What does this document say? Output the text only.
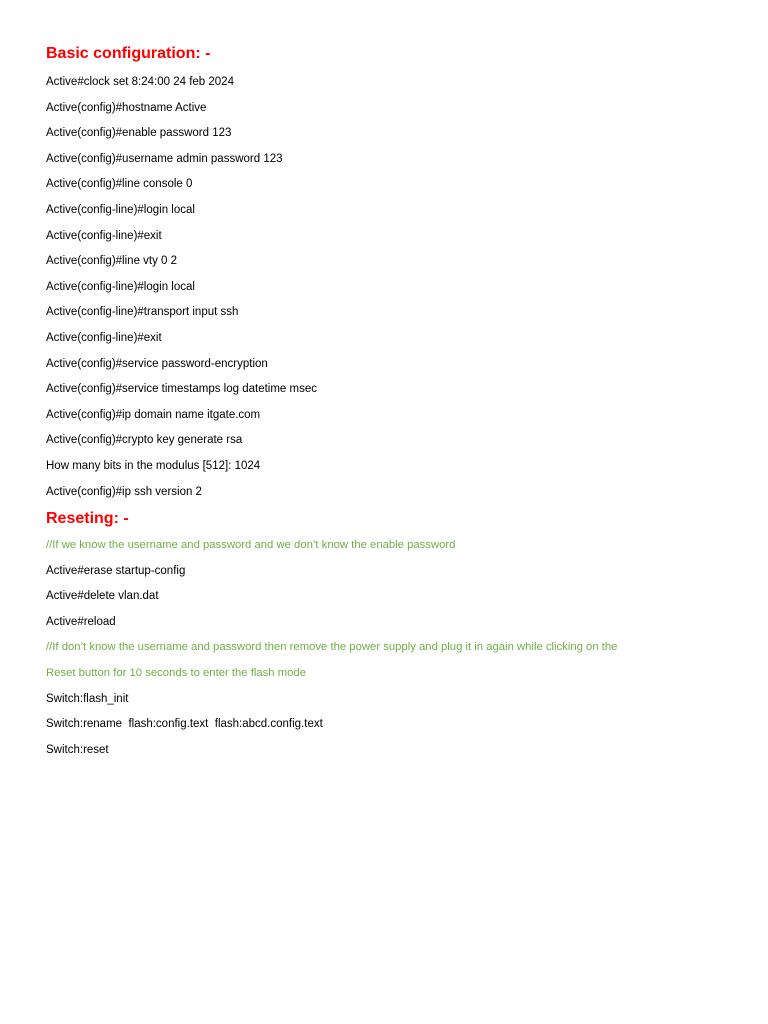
Basic configuration: -
Active#clock set 8:24:00 24 feb 2024
Active(config)#hostname Active
Active(config)#enable password 123
Active(config)#username admin password 123
Active(config)#line console 0
Active(config-line)#login local
Active(config-line)#exit
Active(config)#line vty 0 2
Active(config-line)#login local
Active(config-line)#transport input ssh
Active(config-line)#exit
Active(config)#service password-encryption
Active(config)#service timestamps log datetime msec
Active(config)#ip domain name itgate.com
Active(config)#crypto key generate rsa
How many bits in the modulus [512]: 1024
Active(config)#ip ssh version 2
Reseting: -
//If we know the username and password and we don’t know the enable password
Active#erase startup-config
Active#delete vlan.dat
Active#reload
//If don’t know the username and password then remove the power supply and plug it in again while clicking on the
Reset button for 10 seconds to enter the flash mode
Switch:flash_init
Switch:rename  flash:config.text  flash:abcd.config.text
Switch:reset
